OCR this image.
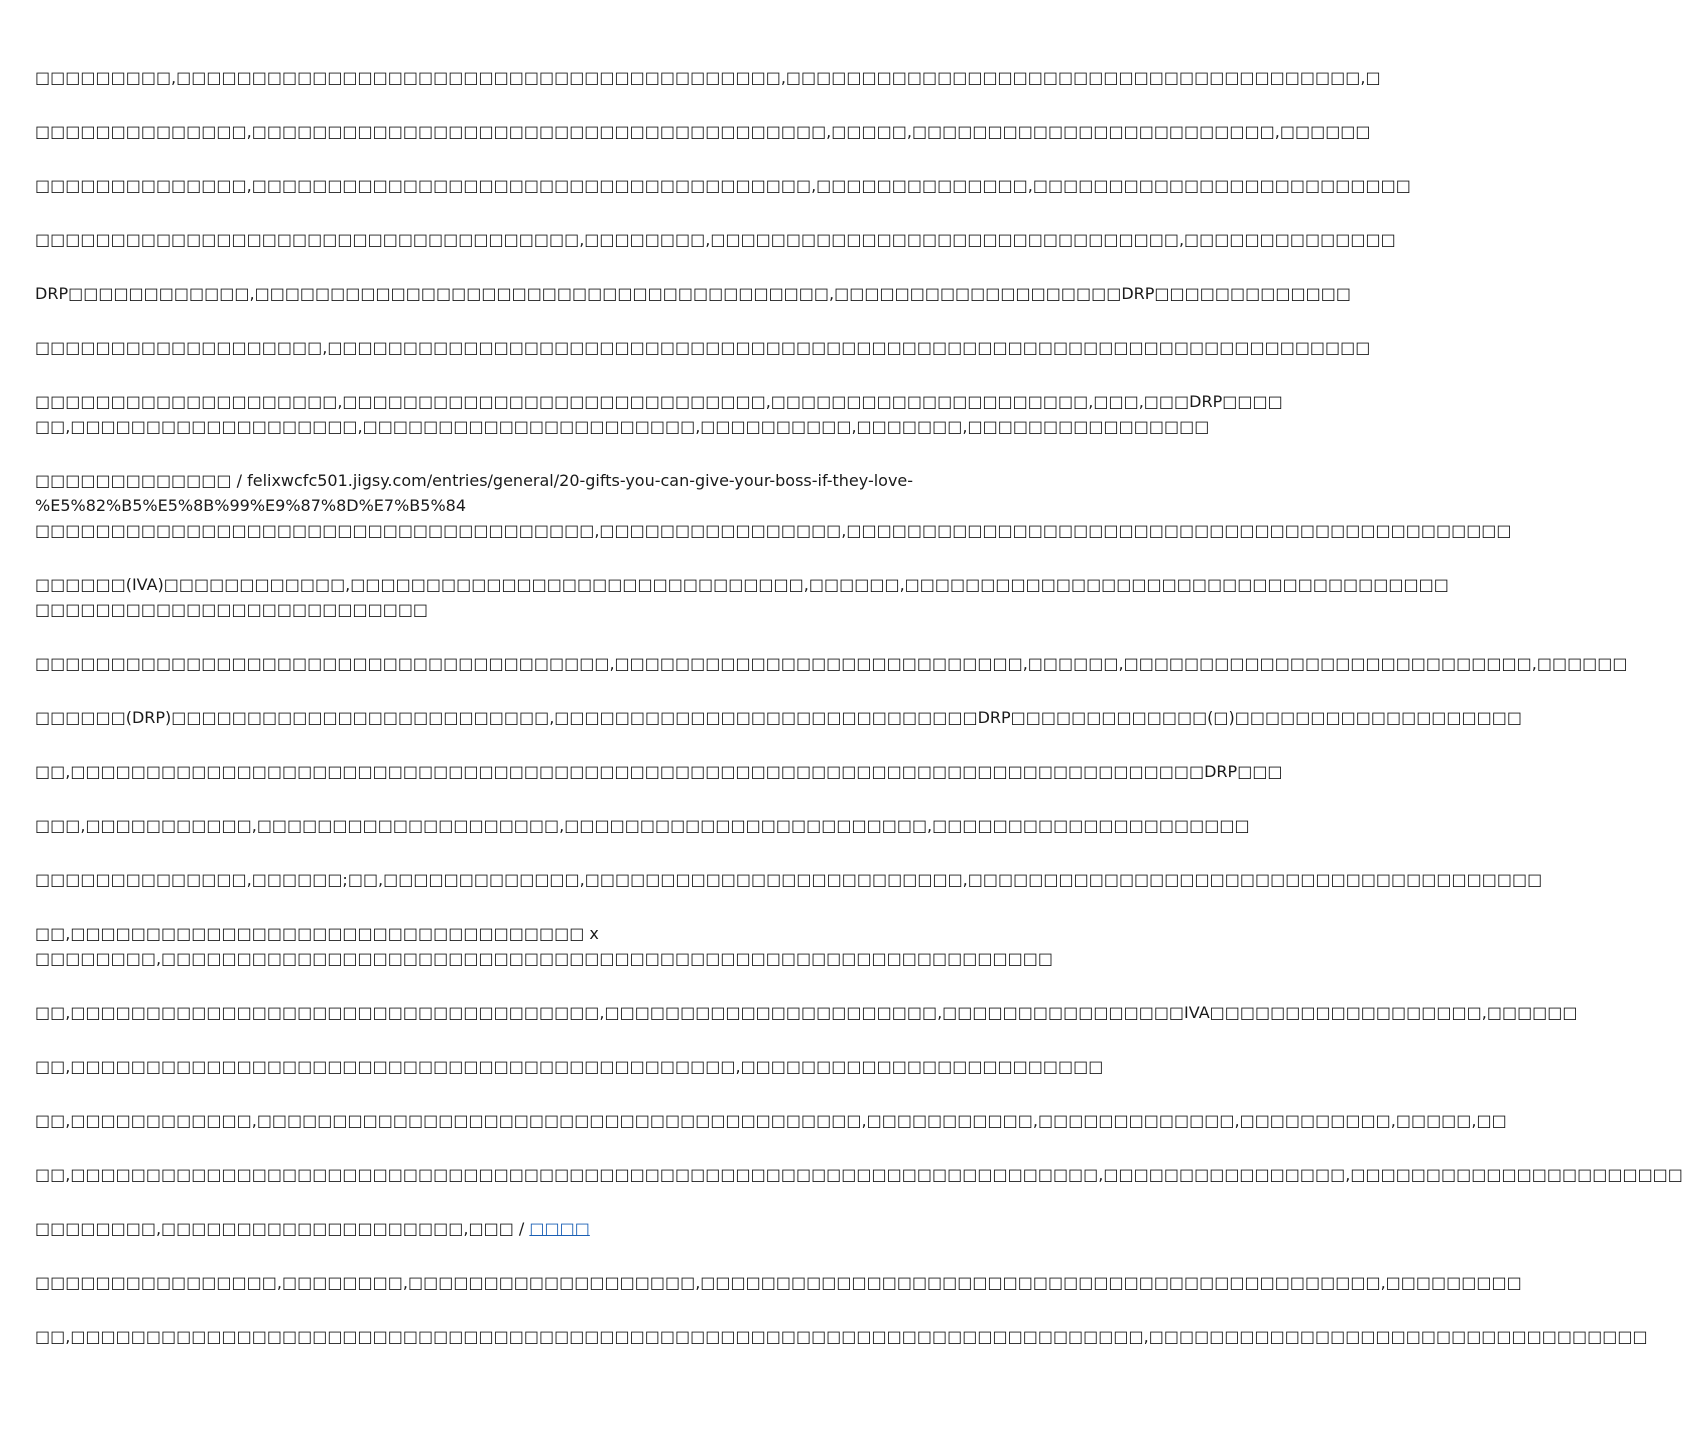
□□□□□□□□□,□□□□□□□□□□□□□□□□□□□□□□□□□□□□□□□□□□□□□□□□,□□□□□□□□□□□□□□□□□□□□□□□□□□□□□□□□□□□□□□,□

□□□□□□□□□□□□□□,□□□□□□□□□□□□□□□□□□□□□□□□□□□□□□□□□□□□□□,□□□□□,□□□□□□□□□□□□□□□□□□□□□□□□,□□□□□□

□□□□□□□□□□□□□□,□□□□□□□□□□□□□□□□□□□□□□□□□□□□□□□□□□□□□,□□□□□□□□□□□□□□,□□□□□□□□□□□□□□□□□□□□□□□□□

□□□□□□□□□□□□□□□□□□□□□□□□□□□□□□□□□□□□,□□□□□□□□,□□□□□□□□□□□□□□□□□□□□□□□□□□□□□□□,□□□□□□□□□□□□□□

DRP□□□□□□□□□□□□,□□□□□□□□□□□□□□□□□□□□□□□□□□□□□□□□□□□□□□,□□□□□□□□□□□□□□□□□□□DRP□□□□□□□□□□□□□

□□□□□□□□□□□□□□□□□□□,□□□□□□□□□□□□□□□□□□□□□□□□□□□□□□□□□□□□□□□□□□□□□□□□□□□□□□□□□□□□□□□□□□□□□

□□□□□□□□□□□□□□□□□□□□,□□□□□□□□□□□□□□□□□□□□□□□□□□□□,□□□□□□□□□□□□□□□□□□□□□,□□□,□□□DRP□□□□
□□,□□□□□□□□□□□□□□□□□□□,□□□□□□□□□□□□□□□□□□□□□□,□□□□□□□□□□,□□□□□□□,□□□□□□□□□□□□□□□□
□□□□□□□□□□□□□ / felixwcfc501.jigsy.com/entries/general/20-gifts-you-can-give-your-boss-if-they-love-
%E5%82%B5%E5%8B%99%E9%87%8D%E7%B5%84
□□□□□□□□□□□□□□□□□□□□□□□□□□□□□□□□□□□□□,□□□□□□□□□□□□□□□□,□□□□□□□□□□□□□□□□□□□□□□□□□□□□□□□□□□□□□□□□□□□□
□□□□□□(IVA)□□□□□□□□□□□□,□□□□□□□□□□□□□□□□□□□□□□□□□□□□□□,□□□□□□,□□□□□□□□□□□□□□□□□□□□□□□□□□□□□□□□□□□□
□□□□□□□□□□□□□□□□□□□□□□□□□□

□□□□□□□□□□□□□□□□□□□□□□□□□□□□□□□□□□□□□□,□□□□□□□□□□□□□□□□□□□□□□□□□□□,□□□□□□,□□□□□□□□□□□□□□□□□□□□□□□□□□□,□□□□□□

□□□□□□(DRP)□□□□□□□□□□□□□□□□□□□□□□□□□,□□□□□□□□□□□□□□□□□□□□□□□□□□□□DRP□□□□□□□□□□□□□(□)□□□□□□□□□□□□□□□□□□□

□□,□□□□□□□□□□□□□□□□□□□□□□□□□□□□□□□□□□□□□□□□□□□□□□□□□□□□□□□□□□□□□□□□□□□□□□□□□□□DRP□□□

□□□,□□□□□□□□□□□,□□□□□□□□□□□□□□□□□□□□,□□□□□□□□□□□□□□□□□□□□□□□□,□□□□□□□□□□□□□□□□□□□□□

□□□□□□□□□□□□□□,□□□□□□;□□,□□□□□□□□□□□□□,□□□□□□□□□□□□□□□□□□□□□□□□□,□□□□□□□□□□□□□□□□□□□□□□□□□□□□□□□□□□□□□□

□□,□□□□□□□□□□□□□□□□□□□□□□□□□□□□□□□□□□ x
□□□□□□□□,□□□□□□□□□□□□□□□□□□□□□□□□□□□□□□□□□□□□□□□□□□□□□□□□□□□□□□□□□□□

□□,□□□□□□□□□□□□□□□□□□□□□□□□□□□□□□□□□□□,□□□□□□□□□□□□□□□□□□□□□□,□□□□□□□□□□□□□□□□IVA□□□□□□□□□□□□□□□□□□,□□□□□□

□□,□□□□□□□□□□□□□□□□□□□□□□□□□□□□□□□□□□□□□□□□□□□□,□□□□□□□□□□□□□□□□□□□□□□□□

□□,□□□□□□□□□□□□,□□□□□□□□□□□□□□□□□□□□□□□□□□□□□□□□□□□□□□□□,□□□□□□□□□□□,□□□□□□□□□□□□□,□□□□□□□□□□,□□□□□,□□

□□,□□□□□□□□□□□□□□□□□□□□□□□□□□□□□□□□□□□□□□□□□□□□□□□□□□□□□□□□□□□□□□□□□□□□,□□□□□□□□□□□□□□□□,□□□□□□□□□□□□□□□□□□□□□□

□□□□□□□□,□□□□□□□□□□□□□□□□□□□□,□□□ / □□□□

□□□□□□□□□□□□□□□□,□□□□□□□□,□□□□□□□□□□□□□□□□□□□,□□□□□□□□□□□□□□□□□□□□□□□□□□□□□□□□□□□□□□□□□□□□□,□□□□□□□□□

□□,□□□□□□□□□□□□□□□□□□□□□□□□□□□□□□□□□□□□□□□□□□□□□□□□□□□□□□□□□□□□□□□□□□□□□□□,□□□□□□□□□□□□□□□□□□□□□□□□□□□□□□□□□
